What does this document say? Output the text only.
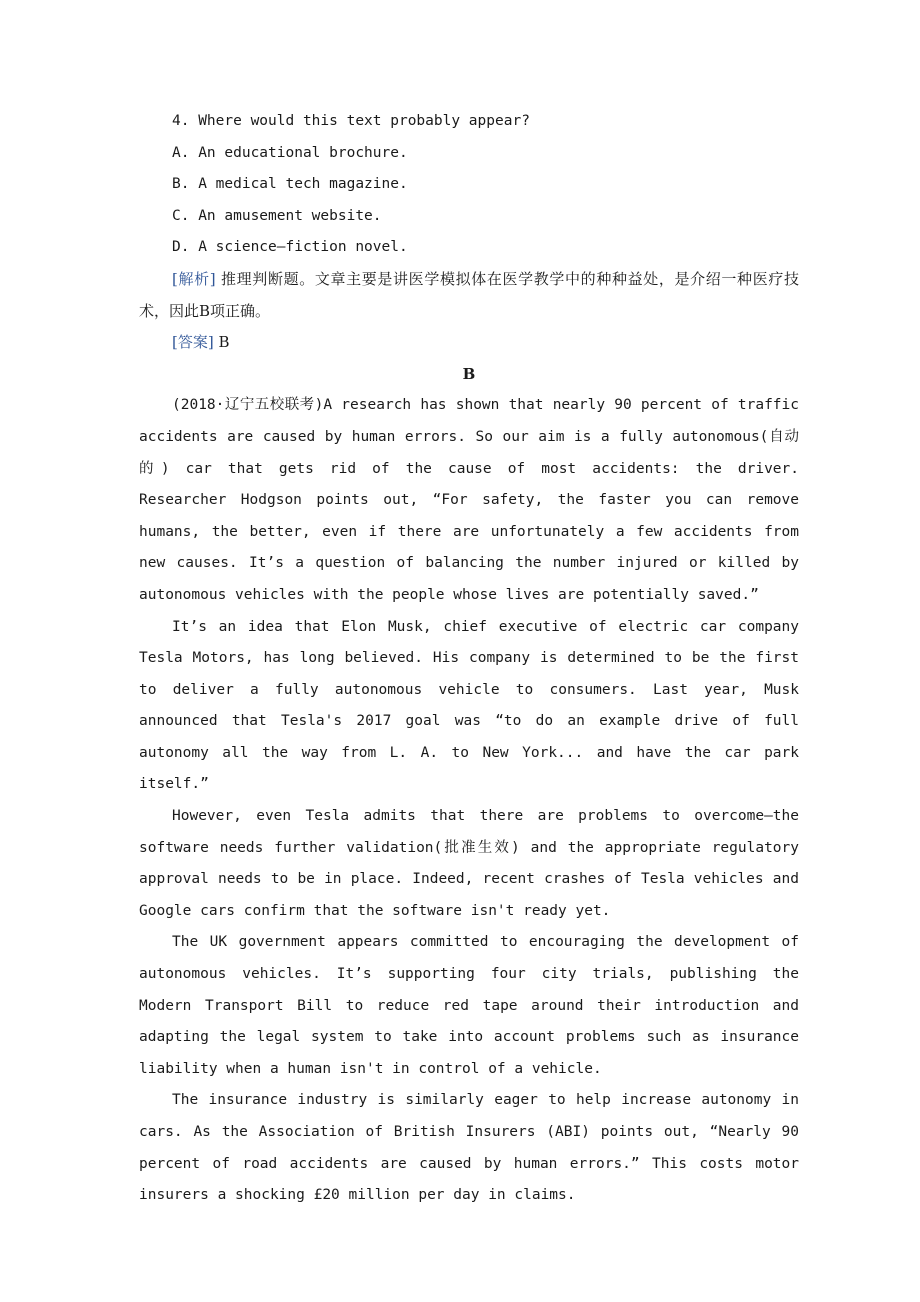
4. Where would this text probably appear?
A. An educational brochure.
B. A medical tech magazine.
C. An amusement website.
D. A science—fiction novel.
[解析] 推理判断题。文章主要是讲医学模拟体在医学教学中的种种益处，是介绍一种医疗技术，因此B项正确。
[答案] B
B
(2018·辽宁五校联考)A research has shown that nearly 90 percent of traffic accidents are caused by human errors. So our aim is a fully autonomous(自动的) car that gets rid of the cause of most accidents: the driver. Researcher Hodgson points out, “For safety, the faster you can remove humans, the better, even if there are unfortunately a few accidents from new causes. It’s a question of balancing the number injured or killed by autonomous vehicles with the people whose lives are potentially saved.”
It’s an idea that Elon Musk, chief executive of electric car company Tesla Motors, has long believed. His company is determined to be the first to deliver a fully autonomous vehicle to consumers. Last year, Musk announced that Tesla's 2017 goal was “to do an example drive of full autonomy all the way from L. A. to New York... and have the car park itself.”
However, even Tesla admits that there are problems to overcome—the software needs further validation(批准生效) and the appropriate regulatory approval needs to be in place. Indeed, recent crashes of Tesla vehicles and Google cars confirm that the software isn't ready yet.
The UK government appears committed to encouraging the development of autonomous vehicles. It’s supporting four city trials, publishing the Modern Transport Bill to reduce red tape around their introduction and adapting the legal system to take into account problems such as insurance liability when a human isn't in control of a vehicle.
The insurance industry is similarly eager to help increase autonomy in cars. As the Association of British Insurers (ABI) points out, “Nearly 90 percent of road accidents are caused by human errors.” This costs motor insurers a shocking £20 million per day in claims.
